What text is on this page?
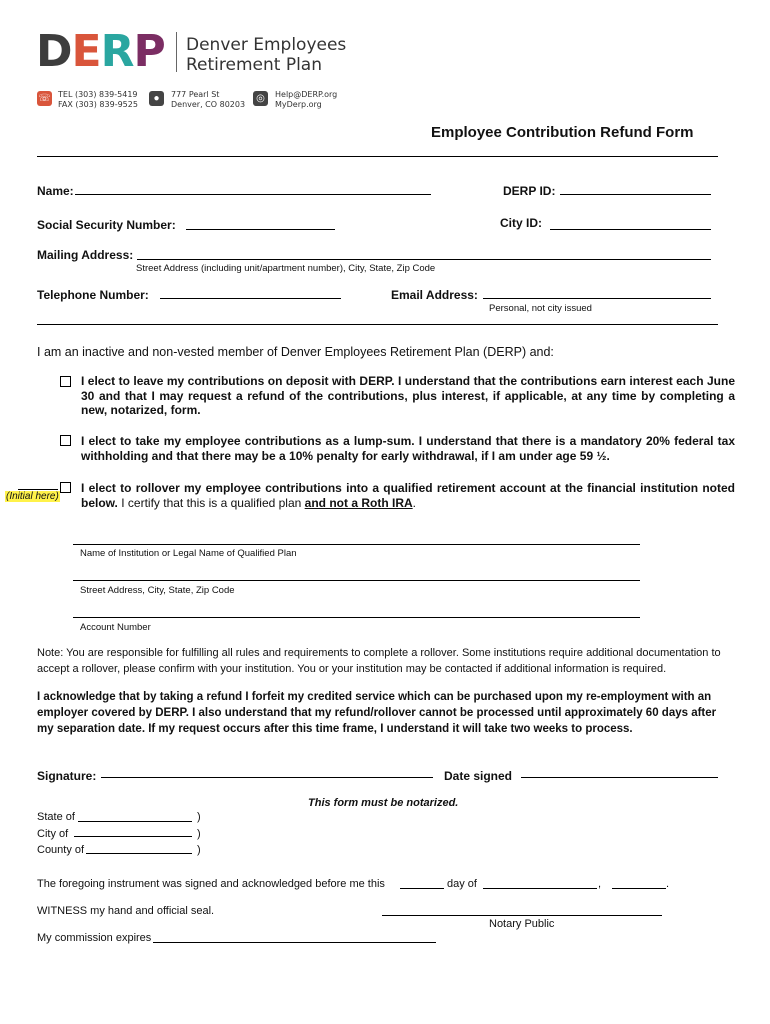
DERP Denver Employees
Retirement Plan
☏ TEL (303) 839-5419
FAX (303) 839-9525
●	777 Pearl St
Denver, CO 80203
◎	Help@DERP.org
MyDerp.org
Employee Contribution Refund Form
Name:	DERP ID:
Social Security Number:	City ID:
Mailing Address:
Street Address (including unit/apartment number), City, State, Zip Code
Telephone Number:	Email Address:
Personal, not city issued
I am an inactive and non-vested member of Denver Employees Retirement Plan (DERP) and:
I elect to leave my contributions on deposit with DERP. I understand that the contributions earn interest each June 30 and that I may request a refund of the contributions, plus interest, if applicable, at any time by completing a new, notarized, form.
I elect to take my employee contributions as a lump-sum. I understand that there is a mandatory 20% federal tax withholding and that there may be a 10% penalty for early withdrawal, if I am under age 59 ½.
(Initial here)
I elect to rollover my employee contributions into a qualified retirement account at the financial institution noted below. I certify that this is a qualified plan and not a Roth IRA.
Name of Institution or Legal Name of Qualified Plan
Street Address, City, State, Zip Code
Account Number
Note: You are responsible for fulfilling all rules and requirements to complete a rollover. Some institutions require additional documentation to accept a rollover, please confirm with your institution. You or your institution may be contacted if additional information is required.
I acknowledge that by taking a refund I forfeit my credited service which can be purchased upon my re-employment with an employer covered by DERP. I also understand that my refund/rollover cannot be processed until approximately 60 days after my separation date. If my request occurs after this time frame, I understand it will take two weeks to process.
Signature:	Date signed
This form must be notarized.
State of	)
City of	)
County of	)
The foregoing instrument was signed and acknowledged before me this	day of	,	.
WITNESS my hand and official seal.
Notary Public
My commission expires
